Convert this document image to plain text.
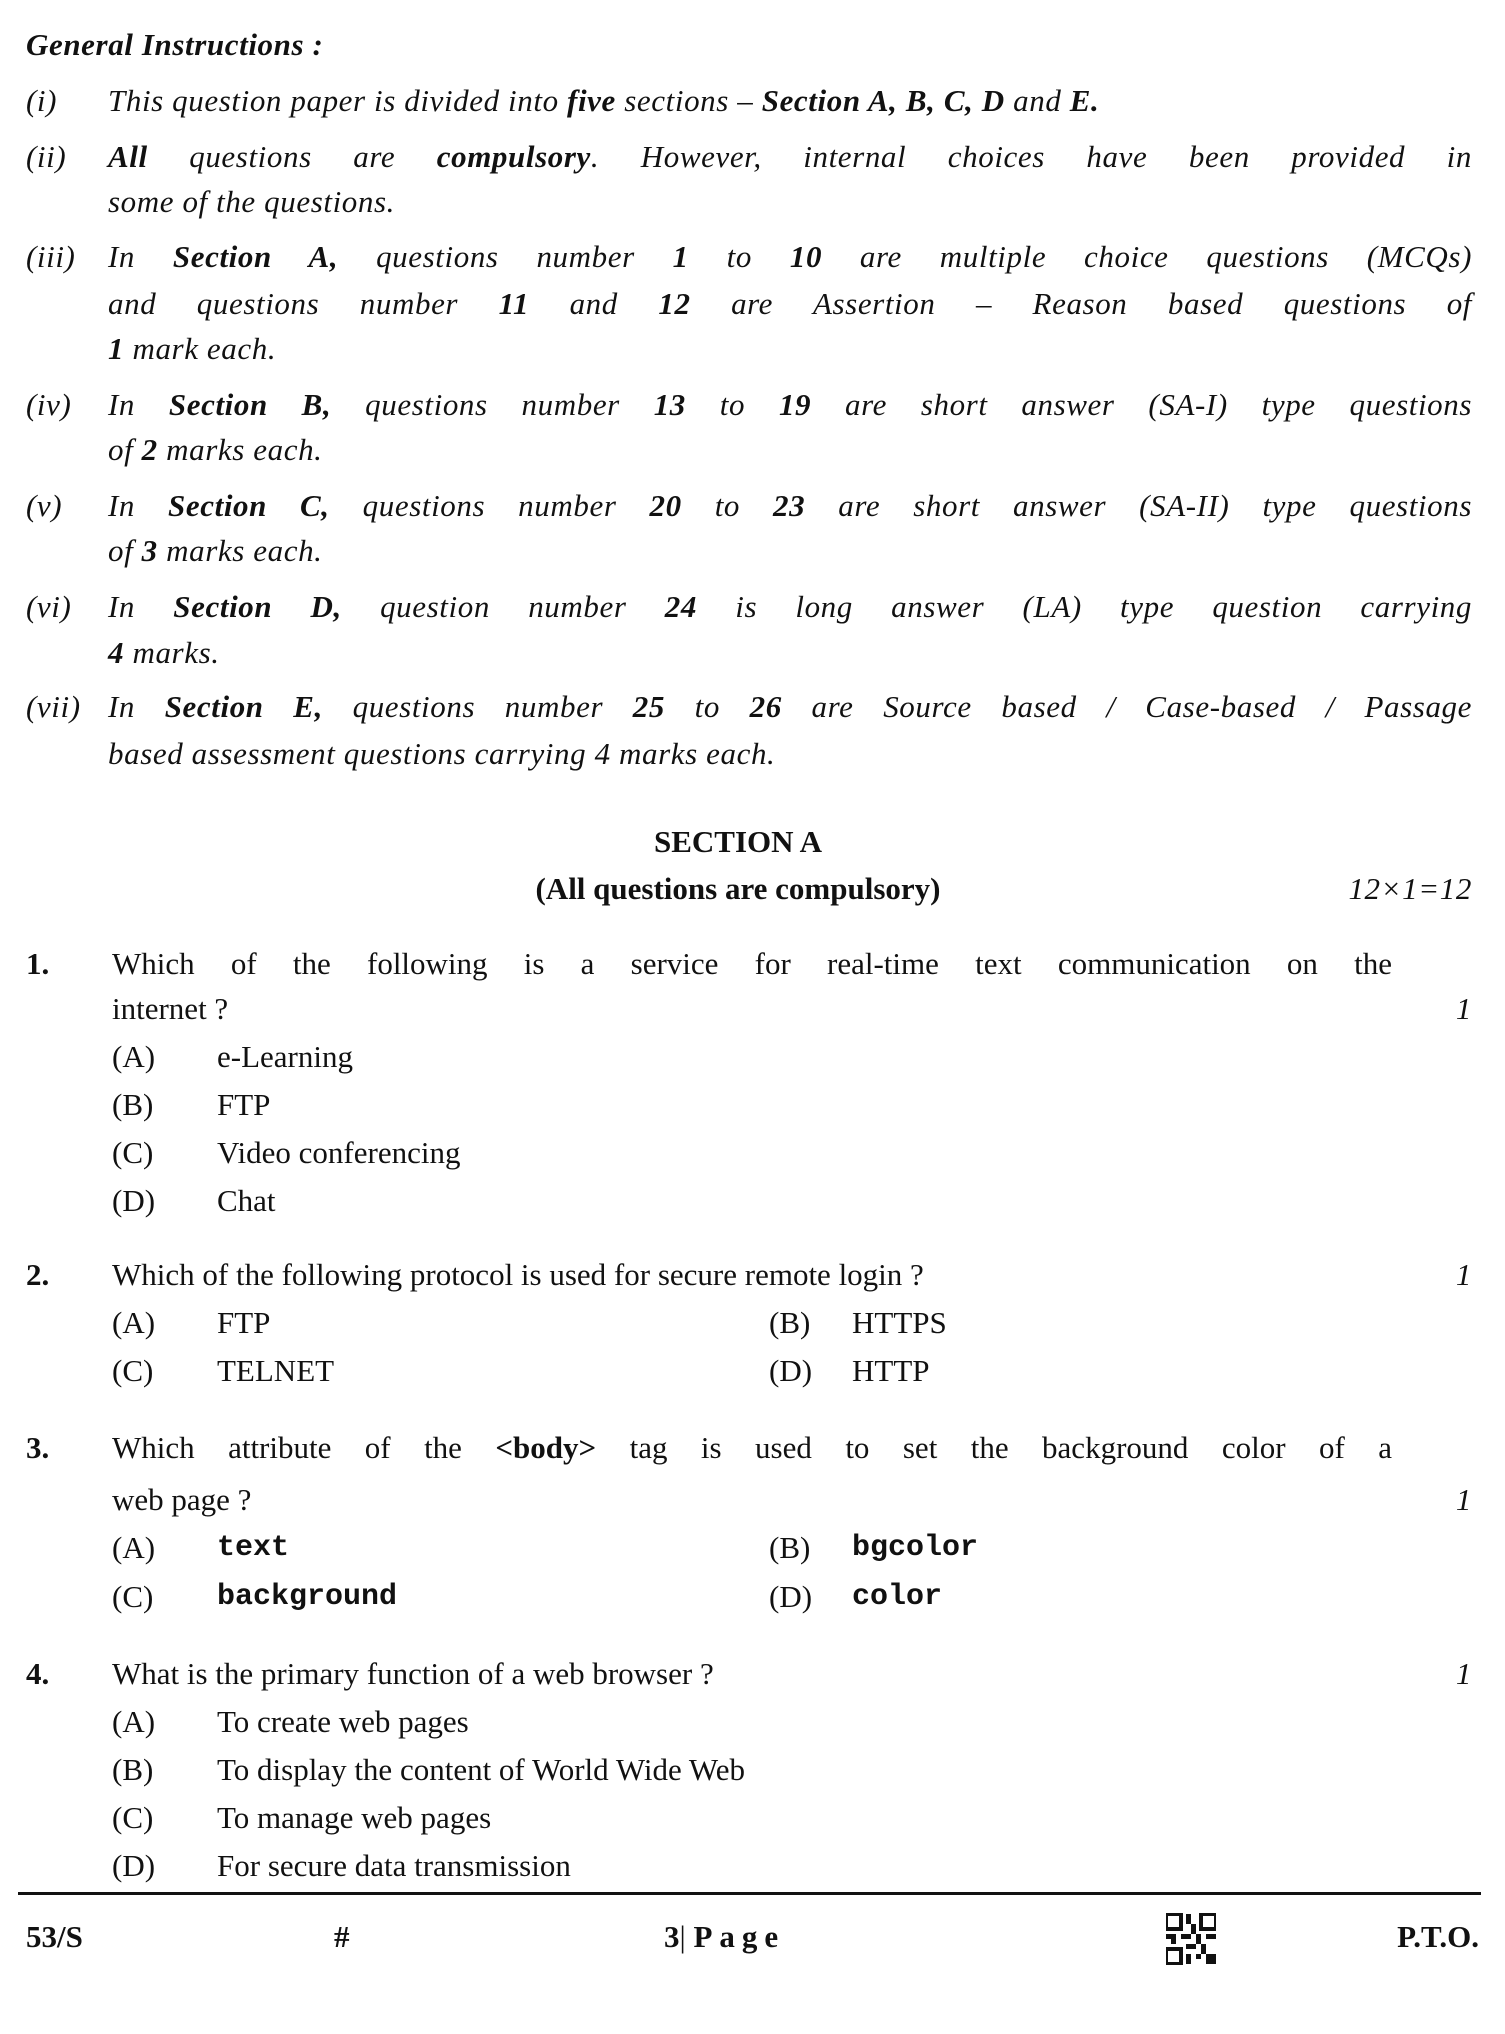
General Instructions :
SECTION A
(All questions are compulsory)	12×1=12
53/S	#	3| Page	P.T.O.
(i) This question paper is divided into five sections – Section A, B, C, D and E.
(ii) All questions are compulsory. However, internal choices have been provided in
some of the questions.
(iii) In Section A, questions number 1 to 10 are multiple choice questions (MCQs)
and questions number 11 and 12 are Assertion – Reason based questions of
1 mark each.
(iv) In Section B, questions number 13 to 19 are short answer (SA-I) type questions
of 2 marks each.
(v) In Section C, questions number 20 to 23 are short answer (SA-II) type questions
of 3 marks each.
(vi) In Section D, question number 24 is long answer (LA) type question carrying
4 marks.
(vii) In Section E, questions number 25 to 26 are Source based / Case-based / Passage
based assessment questions carrying 4 marks each.
1. Which of the following is a service for real-time text communication on the
internet ?	1
(A) e-Learning
(B) FTP
(C) Video conferencing
(D) Chat
2. Which of the following protocol is used for secure remote login ?	1
(A) FTP	(B) HTTPS
(C) TELNET	(D) HTTP
3. Which attribute of the <body> tag is used to set the background color of a
web page ?	1
(A) text	(B) bgcolor
(C) background	(D) color
4. What is the primary function of a web browser ?	1
(A) To create web pages
(B) To display the content of World Wide Web
(C) To manage web pages
(D) For secure data transmission
